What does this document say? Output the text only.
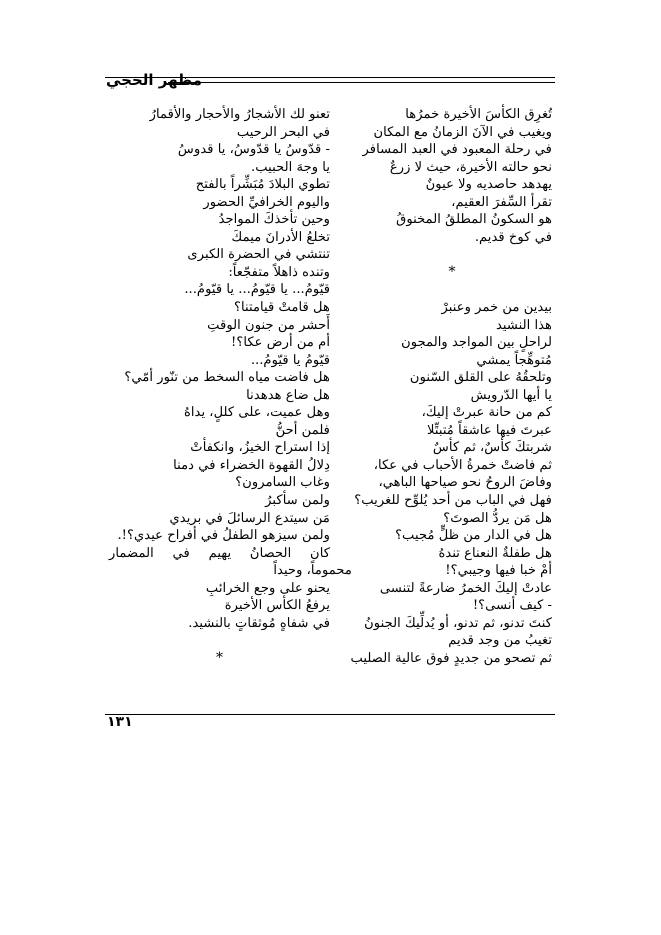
مظهر الحجي
تُغرِق الكأسَ الأخيرة خمرُها
ويغيب في الآنَ الزمانُ مع المكان
في رحلة المعبود في العبد المسافر
نحو حالته الأخيرة، حيث لا زرعٌ
يهدهد حاصديه ولا عيونٌ
تقرأ السِّفرَ العقيم،
هو السكونُ المطلقُ المخنوقُ
في كوخ قديم.
*
بيدين من خمر وعنبرْ
هذا النشيد
لراحلٍ بين المواجد والمجون
مُتوهِّجاً يمشي
وتلحقُهُ على القلق السّنون
يا أيها الدّرويش
كم من حانة عبرتْ إليكَ،
عبرتَ فيها عاشقاً مُتبتِّلا
شربتكَ كأسٌ، ثم كأسٌ
ثم فاضتْ خمرةُ الأحباب في عكا،
وفاضَ الروحُ نحو صياحها الباهي،
فهل في الباب من أحد يُلوِّح للغريب؟
هل مَن يردُّ الصوتَ؟
هل في الدار من ظلٍّ مُجيب؟
هل طفلةٌ النعناع تندهُ
أمْ خبا فيها وجيبي؟!
عادتْ إليكَ الخمرُ ضارعةً لتنسى
- كيف أنسى؟!
كنتَ تدنو، ثم تدنو، أو يُدلِّيكَ الجنونُ
تغيبُ من وجد قديم
ثم تصحو من جديدٍ فوق عالية الصليب
تعنو لك الأشجارُ والأحجار والأقمارُ
في البحر الرحيب
- قدّوسُ يا قدّوسُ، يا قدوسُ
يا وجهَ الحبيب.
تطوي البلادَ مُبَشِّراً بالفتح
واليوم الخرافيِّ الحضور
وحين تأخذكَ المواجدُ
تخلعُ الأدرانَ ميمكَ
تنتشي في الحضرة الكبرى
وتنده ذاهلاً متفجّعاً:
قيّومُ... يا قيّومُ... يا قيّومُ...
هل قامتْ قيامتنا؟
أَحشر من جنون الوقتِ
أم من أرض عكا؟!
قيّومُ يا قيّومُ...
هل فاضت مياه السخط من تنّور أمّي؟
هل ضاع هدهدنا
وهل عميت، على كللٍ، يداهُ
فلمن أحنُّ
إذا استراح الخيزُ، وانكفأتْ
دِلالُ القهوة الخضراء في دمنا
وغاب السامرون؟
ولمن سأكبرُ
مَن سيتدع الرسائلَ في بريدي
ولمن سيزهو الطفلُ في أفراح عيدي؟!.
كان الحصانُ يهيم في المضمار
محموماً، وحيداً
يحنو على وجع الخرائبِ
يرفعُ الكأس الأخيرة
في شفاهٍ مُوثقاتٍ بالنشيد.
*
١٣١
